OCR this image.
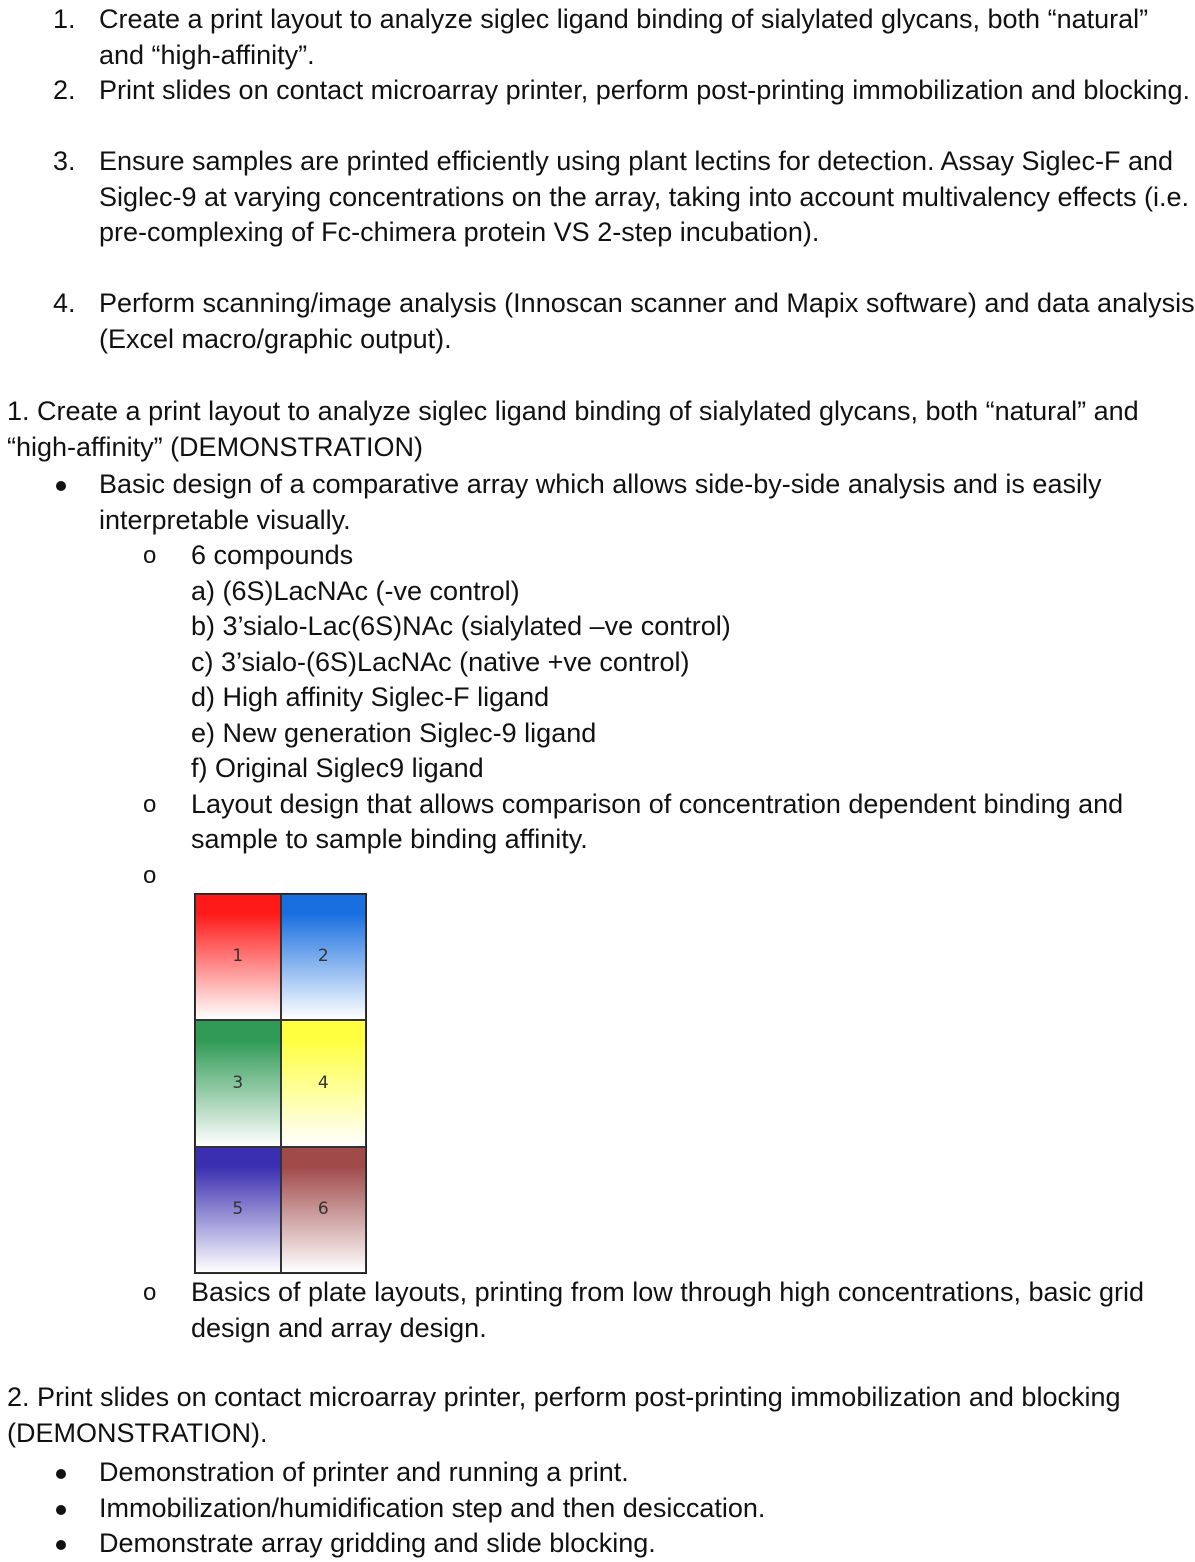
1. Create a print layout to analyze siglec ligand binding of sialylated glycans, both “natural” and “high-affinity”.
2. Print slides on contact microarray printer, perform post-printing immobilization and blocking.
3. Ensure samples are printed efficiently using plant lectins for detection. Assay Siglec-F and Siglec-9 at varying concentrations on the array, taking into account multivalency effects (i.e. pre-complexing of Fc-chimera protein VS 2-step incubation).
4. Perform scanning/image analysis (Innoscan scanner and Mapix software) and data analysis (Excel macro/graphic output).
1. Create a print layout to analyze siglec ligand binding of sialylated glycans, both “natural” and “high-affinity” (DEMONSTRATION)
Basic design of a comparative array which allows side-by-side analysis and is easily interpretable visually.
o 6 compounds
a) (6S)LacNAc (-ve control)
b) 3’sialo-Lac(6S)NAc (sialylated –ve control)
c) 3’sialo-(6S)LacNAc (native +ve control)
d) High affinity Siglec-F ligand
e) New generation Siglec-9 ligand
f) Original Siglec9 ligand
o Layout design that allows comparison of concentration dependent binding and sample to sample binding affinity.
o
1	2
3	4
5	6
o Basics of plate layouts, printing from low through high concentrations, basic grid design and array design.
2. Print slides on contact microarray printer, perform post-printing immobilization and blocking (DEMONSTRATION).
Demonstration of printer and running a print.
Immobilization/humidification step and then desiccation.
Demonstrate array gridding and slide blocking.
